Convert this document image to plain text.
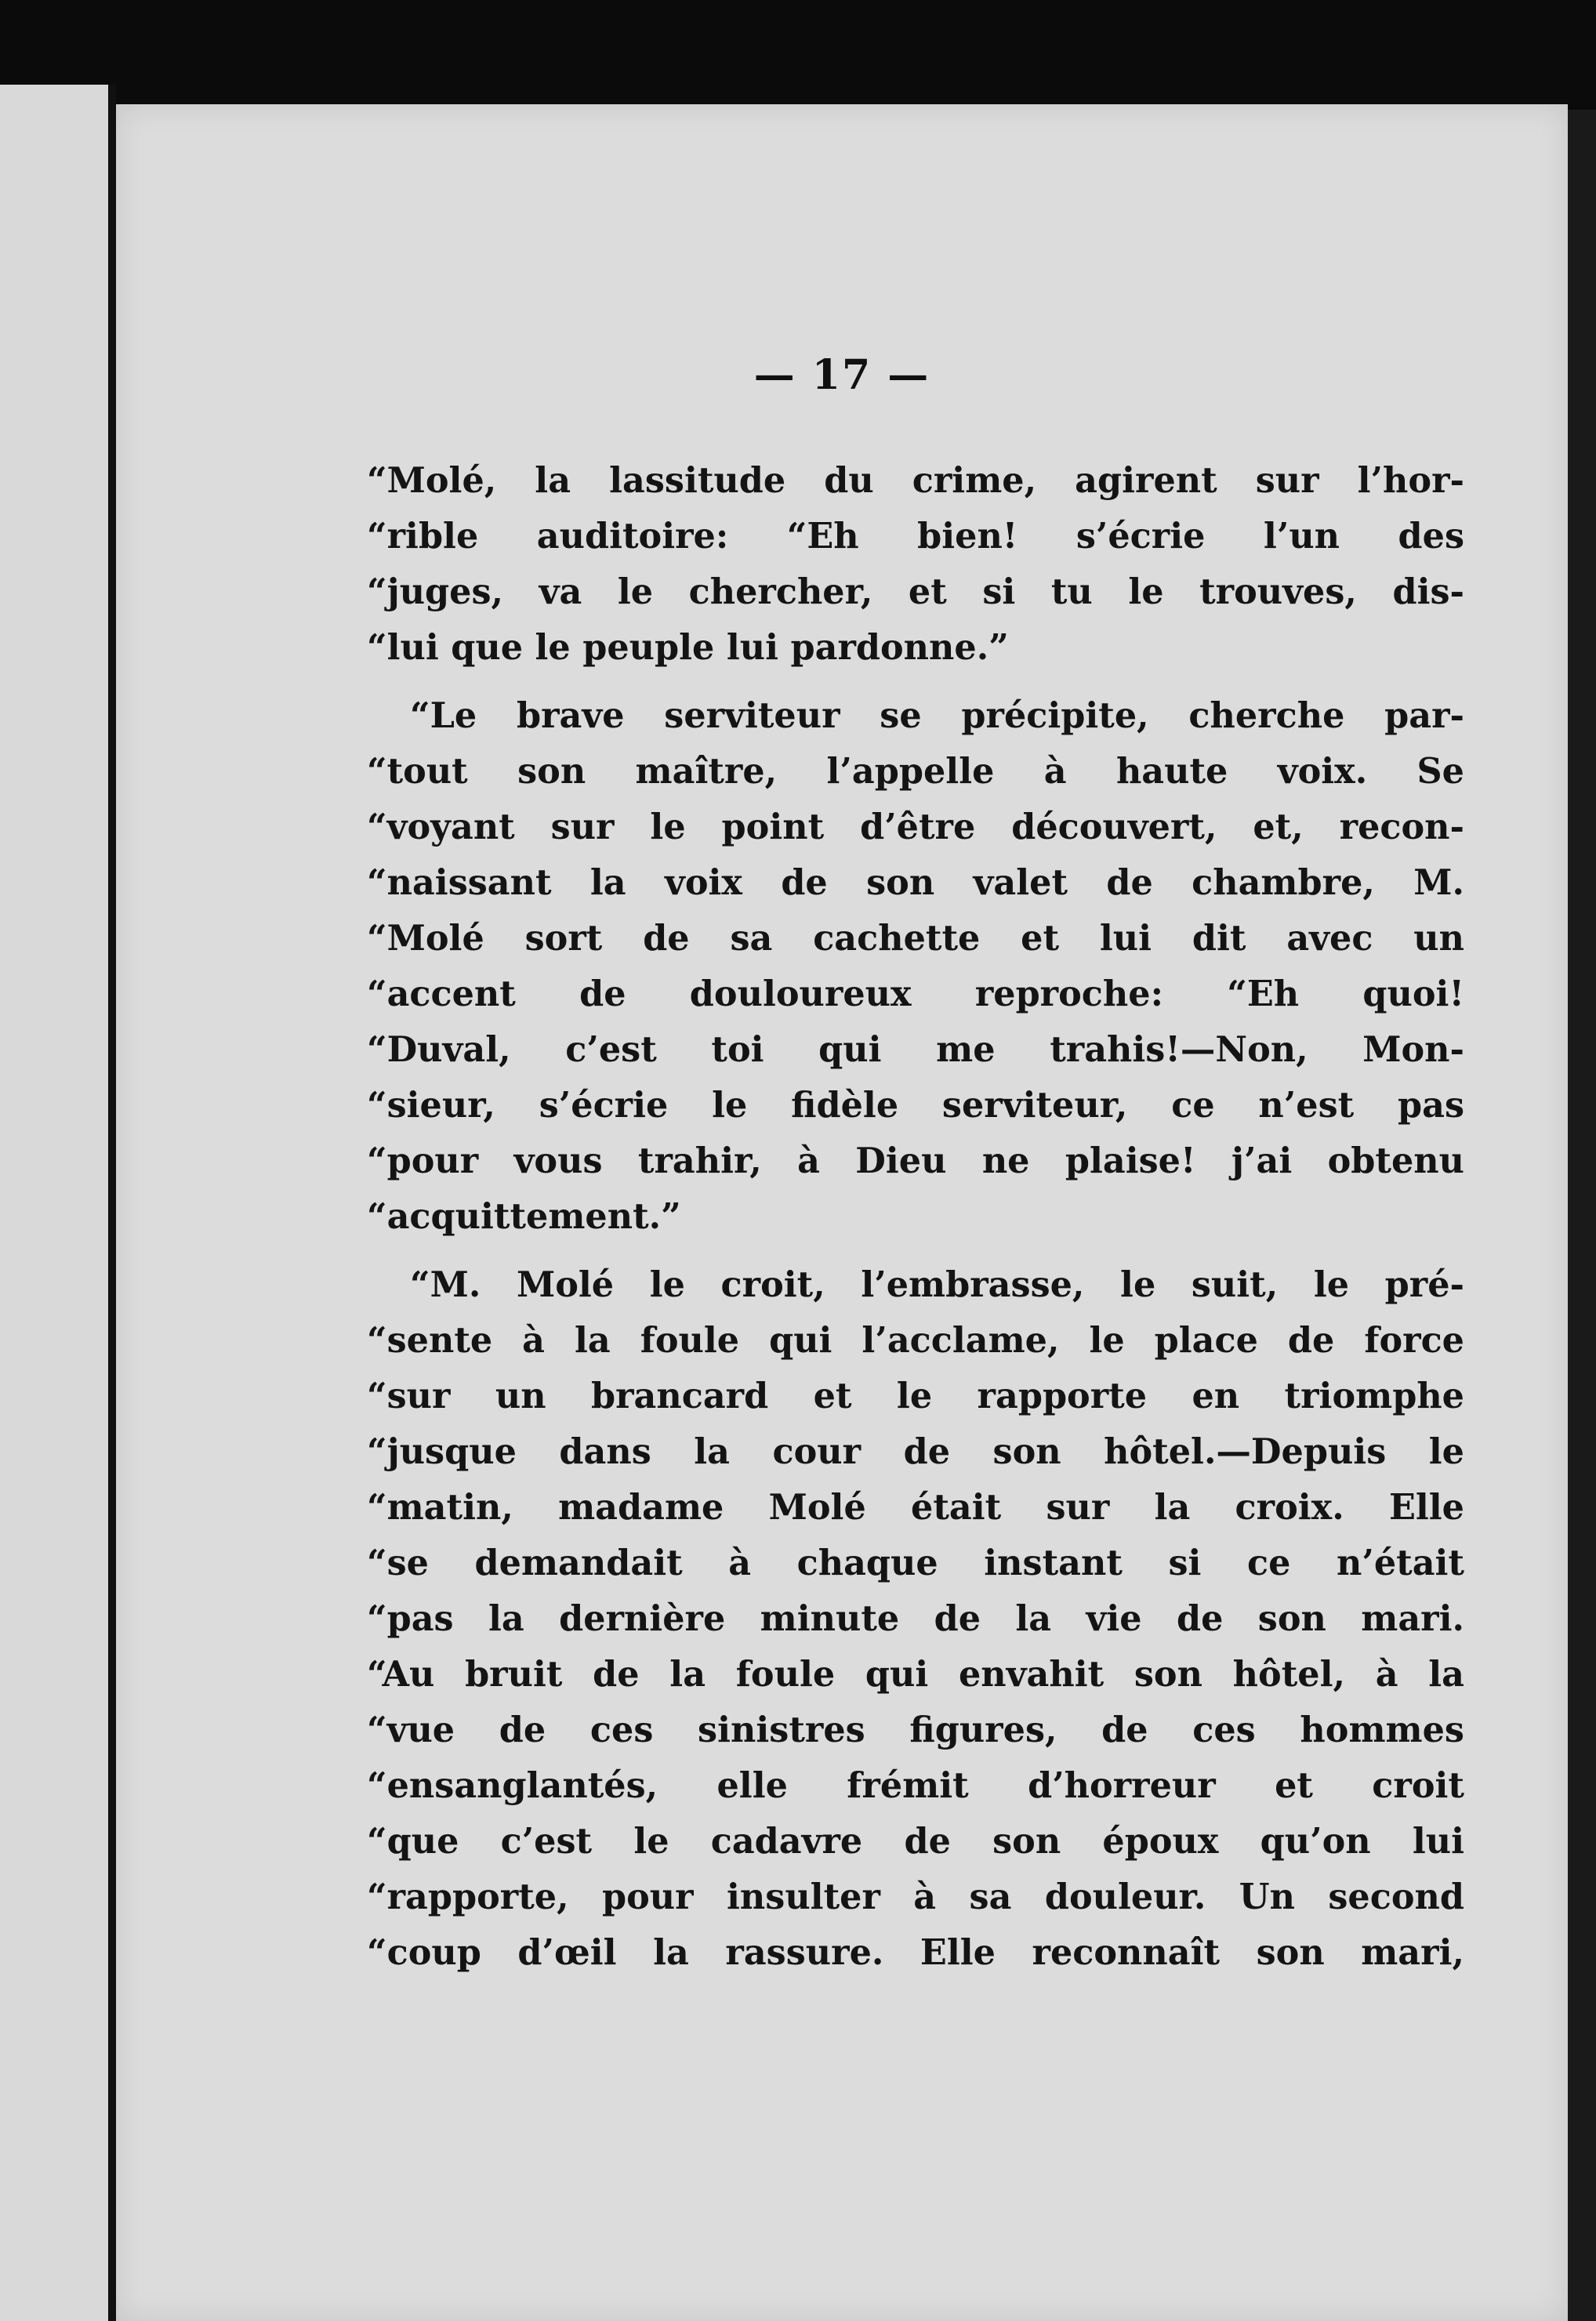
— 17 —
“Molé, la lassitude du crime, agirent sur l’hor-
“rible auditoire: “Eh bien! s’écrie l’un des
“juges, va le chercher, et si tu le trouves, dis-
“lui que le peuple lui pardonne.”
“Le brave serviteur se précipite, cherche par-
“tout son maître, l’appelle à haute voix. Se
“voyant sur le point d’être découvert, et, recon-
“naissant la voix de son valet de chambre, M.
“Molé sort de sa cachette et lui dit avec un
“accent de douloureux reproche: “Eh quoi!
“Duval, c’est toi qui me trahis!—Non, Mon-
“sieur, s’écrie le fidèle serviteur, ce n’est pas
“pour vous trahir, à Dieu ne plaise! j’ai obtenu
“acquittement.”
“M. Molé le croit, l’embrasse, le suit, le pré-
“sente à la foule qui l’acclame, le place de force
“sur un brancard et le rapporte en triomphe
“jusque dans la cour de son hôtel.—Depuis le
“matin, madame Molé était sur la croix. Elle
“se demandait à chaque instant si ce n’était
“pas la dernière minute de la vie de son mari.
“Au bruit de la foule qui envahit son hôtel, à la
“vue de ces sinistres figures, de ces hommes
“ensanglantés, elle frémit d’horreur et croit
“que c’est le cadavre de son époux qu’on lui
“rapporte, pour insulter à sa douleur. Un second
“coup d’œil la rassure. Elle reconnaît son mari,
